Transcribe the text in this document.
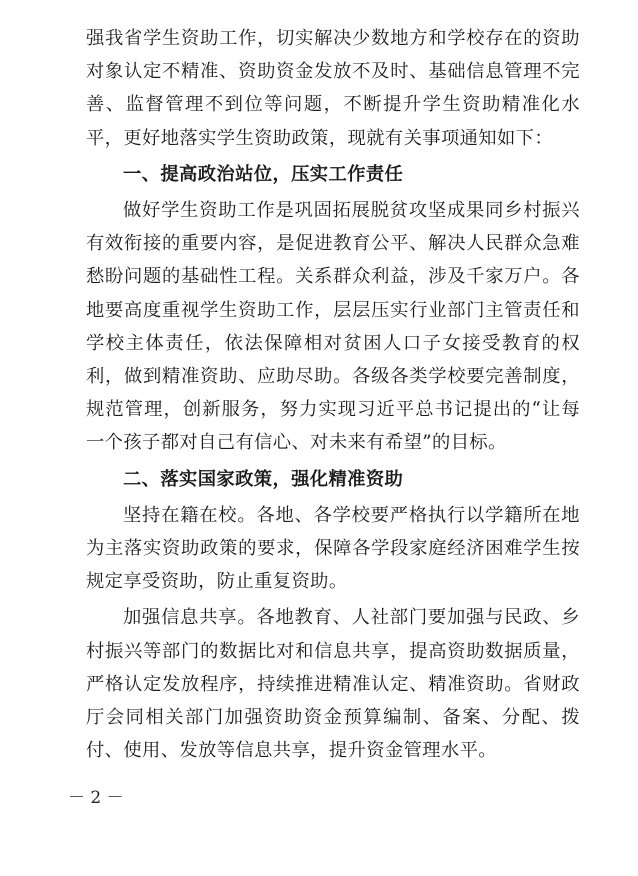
强我省学生资助工作，切实解决少数地方和学校存在的资助对象认定不精准、资助资金发放不及时、基础信息管理不完善、监督管理不到位等问题，不断提升学生资助精准化水平，更好地落实学生资助政策，现就有关事项通知如下：

一、提高政治站位，压实工作责任

做好学生资助工作是巩固拓展脱贫攻坚成果同乡村振兴有效衔接的重要内容，是促进教育公平、解决人民群众急难愁盼问题的基础性工程。关系群众利益，涉及千家万户。各地要高度重视学生资助工作，层层压实行业部门主管责任和学校主体责任，依法保障相对贫困人口子女接受教育的权利，做到精准资助、应助尽助。各级各类学校要完善制度，规范管理，创新服务，努力实现习近平总书记提出的“让每一个孩子都对自己有信心、对未来有希望”的目标。

二、落实国家政策，强化精准资助

坚持在籍在校。各地、各学校要严格执行以学籍所在地为主落实资助政策的要求，保障各学段家庭经济困难学生按规定享受资助，防止重复资助。

加强信息共享。各地教育、人社部门要加强与民政、乡村振兴等部门的数据比对和信息共享，提高资助数据质量，严格认定发放程序，持续推进精准认定、精准资助。省财政厅会同相关部门加强资助资金预算编制、备案、分配、拨付、使用、发放等信息共享，提升资金管理水平。

－ 2 －
